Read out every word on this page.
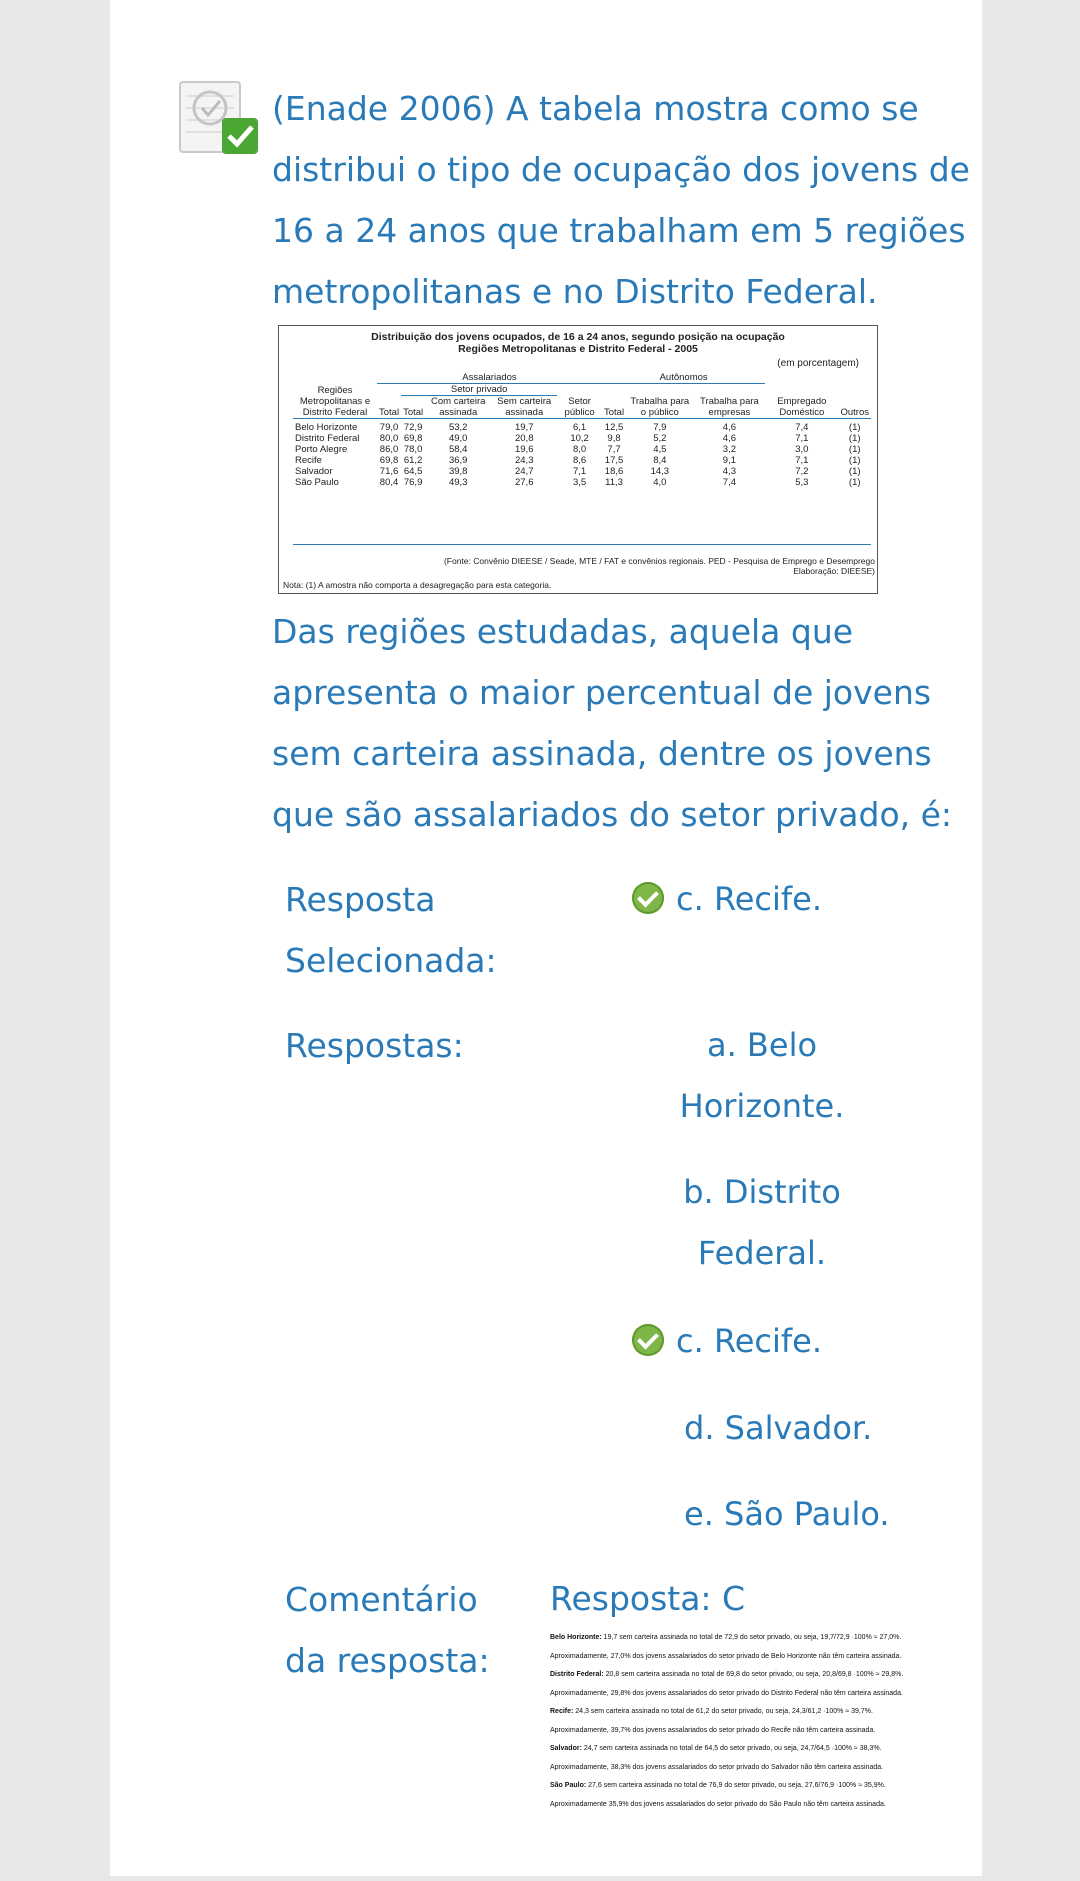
(Enade 2006) A tabela mostra como se distribui o tipo de ocupação dos jovens de 16 a 24 anos que trabalham em 5 regiões metropolitanas e no Distrito Federal.
Distribuição dos jovens ocupados, de 16 a 24 anos, segundo posição na ocupação
Regiões Metropolitanas e Distrito Federal - 2005
(em porcentagem)
Regiões Metropolitanas e Distrito Federal	Assalariados					Autônomos			Empregado Doméstico	Outros
	Total	Setor privado			Setor público	Total	Trabalha para o público	Trabalha para empresas		
		Total	Com carteira assinada	Sem carteira assinada						
Belo Horizonte	79,0	72,9	53,2	19,7	6,1	12,5	7,9	4,6	7,4	(1)
Distrito Federal	80,0	69,8	49,0	20,8	10,2	9,8	5,2	4,6	7,1	(1)
Porto Alegre	86,0	78,0	58,4	19,6	8,0	7,7	4,5	3,2	3,0	(1)
Recife	69,8	61,2	36,9	24,3	8,6	17,5	8,4	9,1	7,1	(1)
Salvador	71,6	64,5	39,8	24,7	7,1	18,6	14,3	4,3	7,2	(1)
São Paulo	80,4	76,9	49,3	27,6	3,5	11,3	4,0	7,4	5,3	(1)
(Fonte: Convênio DIEESE / Seade, MTE / FAT e convênios regionais. PED - Pesquisa de Emprego e Desemprego
Elaboração: DIEESE)
Nota: (1) A amostra não comporta a desagregação para esta categoria.
Das regiões estudadas, aquela que apresenta o maior percentual de jovens sem carteira assinada, dentre os jovens que são assalariados do setor privado, é:
Resposta Selecionada:
c. Recife.
Respostas:	a. Belo Horizonte.
b. Distrito Federal.
c. Recife.
d. Salvador.
e. São Paulo.
Comentário da resposta:
Resposta: C
Belo Horizonte: 19,7 sem carteira assinada no total de 72,9 do setor privado, ou seja, 19,7/72,9 ·100% ≈ 27,0%.
Aproximadamente, 27,0% dos jovens assalariados do setor privado de Belo Horizonte não têm carteira assinada.
Distrito Federal: 20,8 sem carteira assinada no total de 69,8 do setor privado, ou seja, 20,8/69,8 ·100% ≈ 29,8%.
Aproximadamente, 29,8% dos jovens assalariados do setor privado do Distrito Federal não têm carteira assinada.
Recife: 24,3 sem carteira assinada no total de 61,2 do setor privado, ou seja, 24,3/61,2 ·100% ≈ 39,7%.
Aproximadamente, 39,7% dos jovens assalariados do setor privado do Recife não têm carteira assinada.
Salvador: 24,7 sem carteira assinada no total de 64,5 do setor privado, ou seja, 24,7/64,5 ·100% ≈ 38,3%.
Aproximadamente, 38,3% dos jovens assalariados do setor privado do Salvador não têm carteira assinada.
São Paulo: 27,6 sem carteira assinada no total de 76,9 do setor privado, ou seja, 27,6/76,9 ·100% ≈ 35,9%.
Aproximadamente 35,9% dos jovens assalariados do setor privado do São Paulo não têm carteira assinada.
